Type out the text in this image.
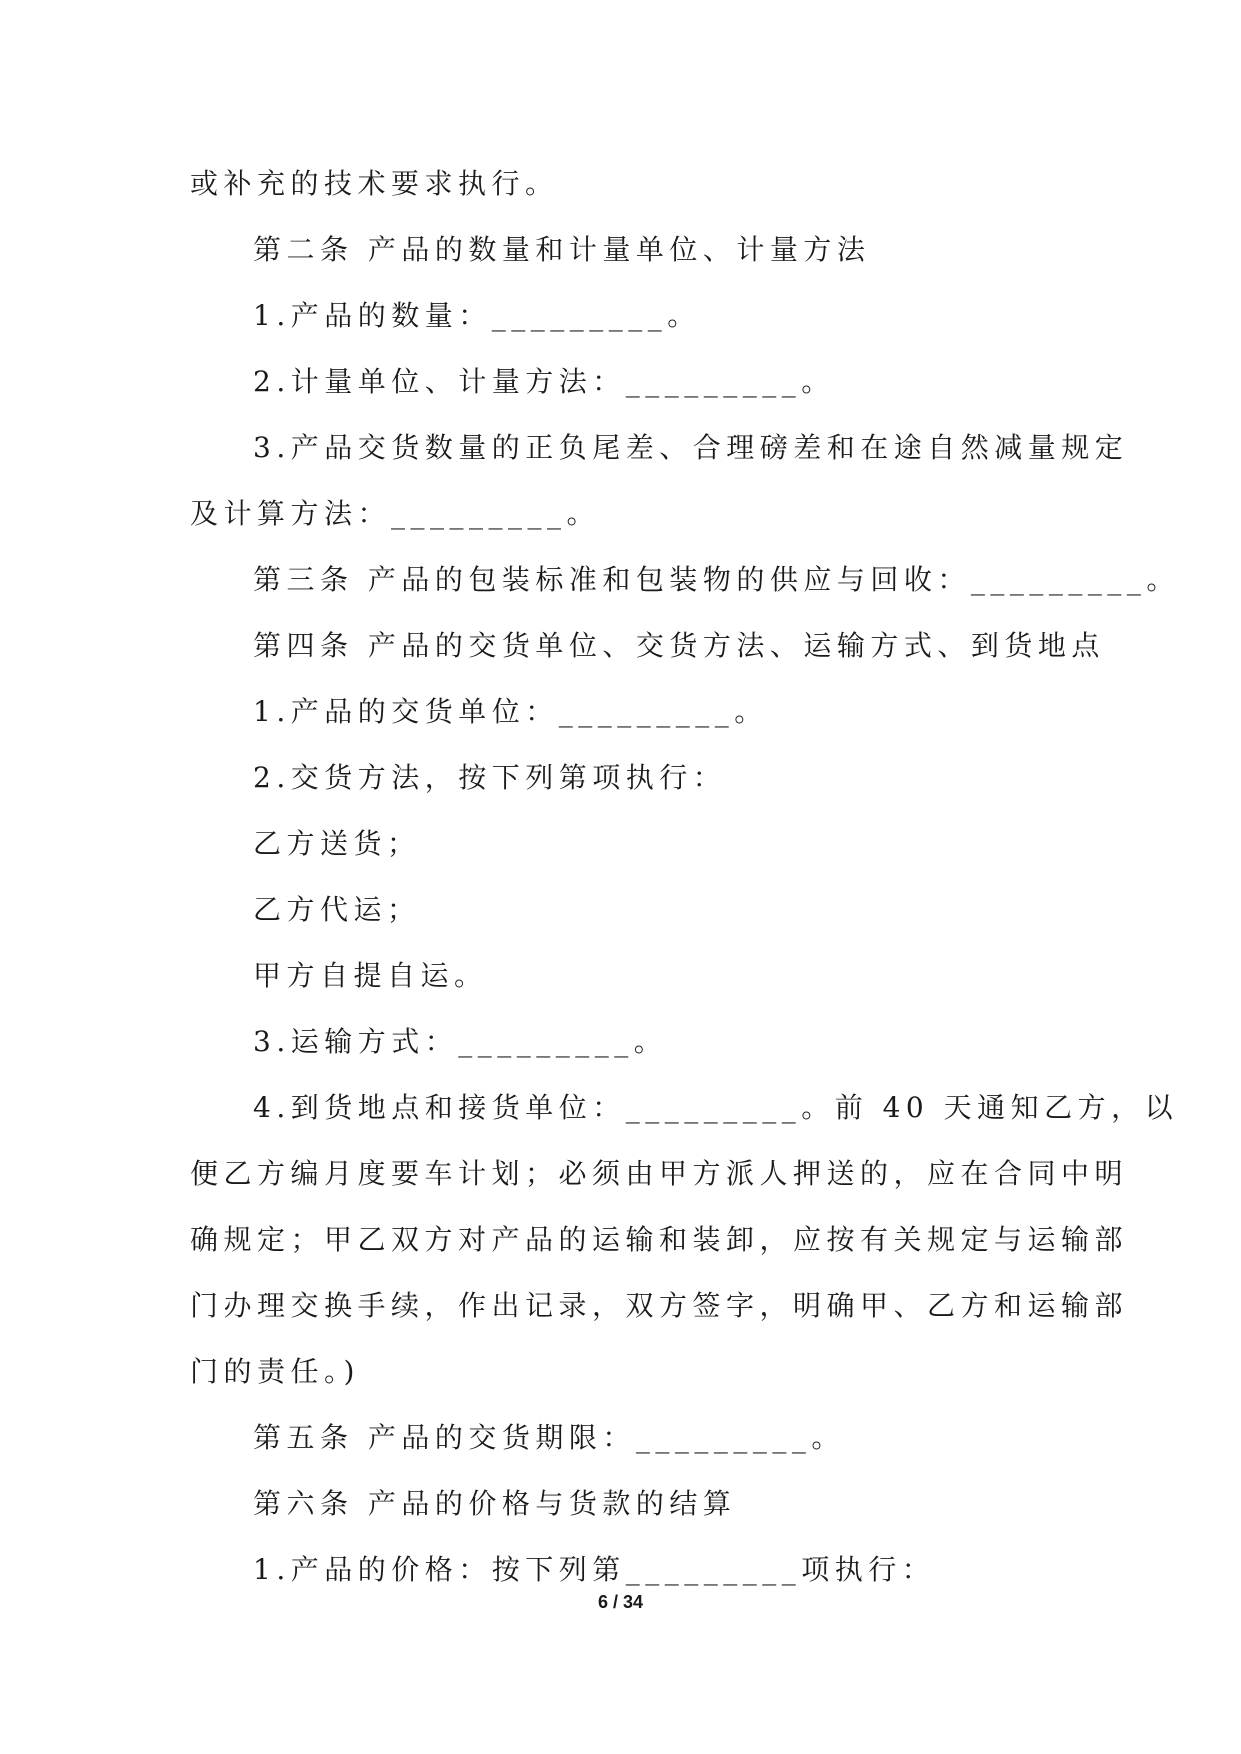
或补充的技术要求执行。
第二条 产品的数量和计量单位、计量方法
1.产品的数量：_________。
2.计量单位、计量方法：_________。
3.产品交货数量的正负尾差、合理磅差和在途自然减量规定
及计算方法：_________。
第三条 产品的包装标准和包装物的供应与回收：_________。
第四条 产品的交货单位、交货方法、运输方式、到货地点
1.产品的交货单位：_________。
2.交货方法，按下列第项执行：
乙方送货；
乙方代运；
甲方自提自运。
3.运输方式：_________。
4.到货地点和接货单位：_________。前 40 天通知乙方，以
便乙方编月度要车计划；必须由甲方派人押送的，应在合同中明
确规定；甲乙双方对产品的运输和装卸，应按有关规定与运输部
门办理交换手续，作出记录，双方签字，明确甲、乙方和运输部
门的责任。)
第五条 产品的交货期限：_________。
第六条 产品的价格与货款的结算
1.产品的价格：按下列第_________项执行：
6 / 34
